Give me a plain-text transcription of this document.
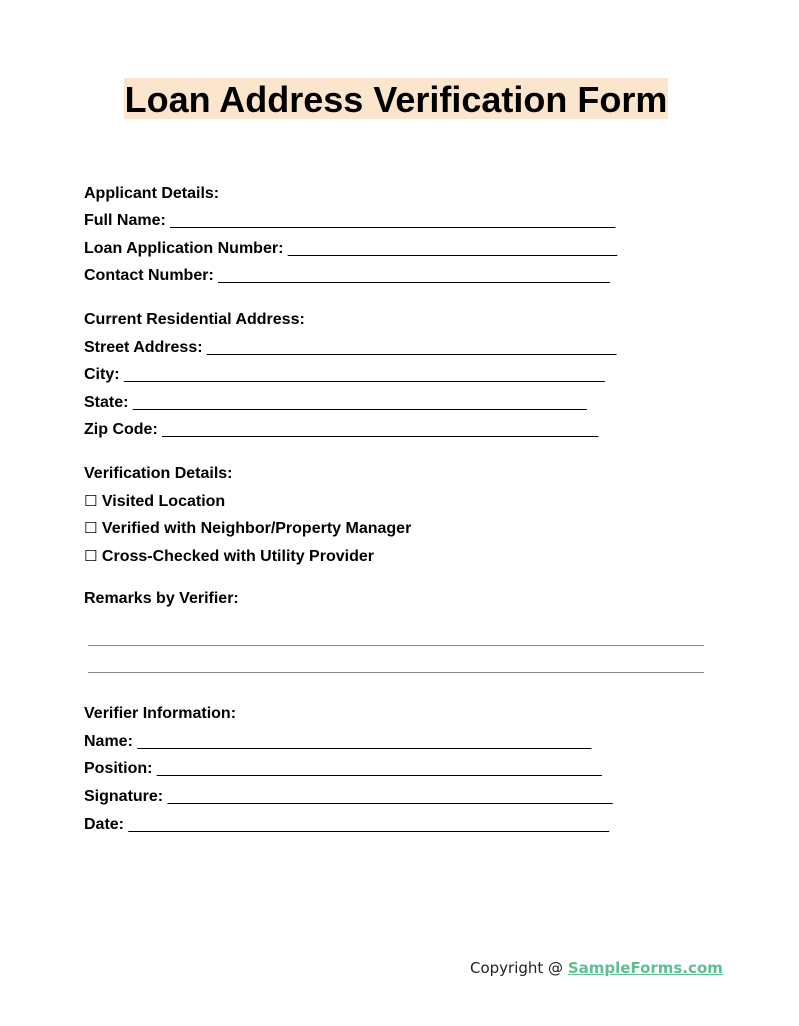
Loan Address Verification Form
Applicant Details:
Full Name: __________________________________________________
Loan Application Number: _____________________________________
Contact Number: ____________________________________________
Current Residential Address:
Street Address: ______________________________________________
City: ______________________________________________________
State: ___________________________________________________
Zip Code: _________________________________________________
Verification Details:
☐ Visited Location
☐ Verified with Neighbor/Property Manager
☐ Cross-Checked with Utility Provider
Remarks by Verifier:
Verifier Information:
Name: ___________________________________________________
Position: __________________________________________________
Signature: __________________________________________________
Date: ______________________________________________________
Copyright @ SampleForms.com
